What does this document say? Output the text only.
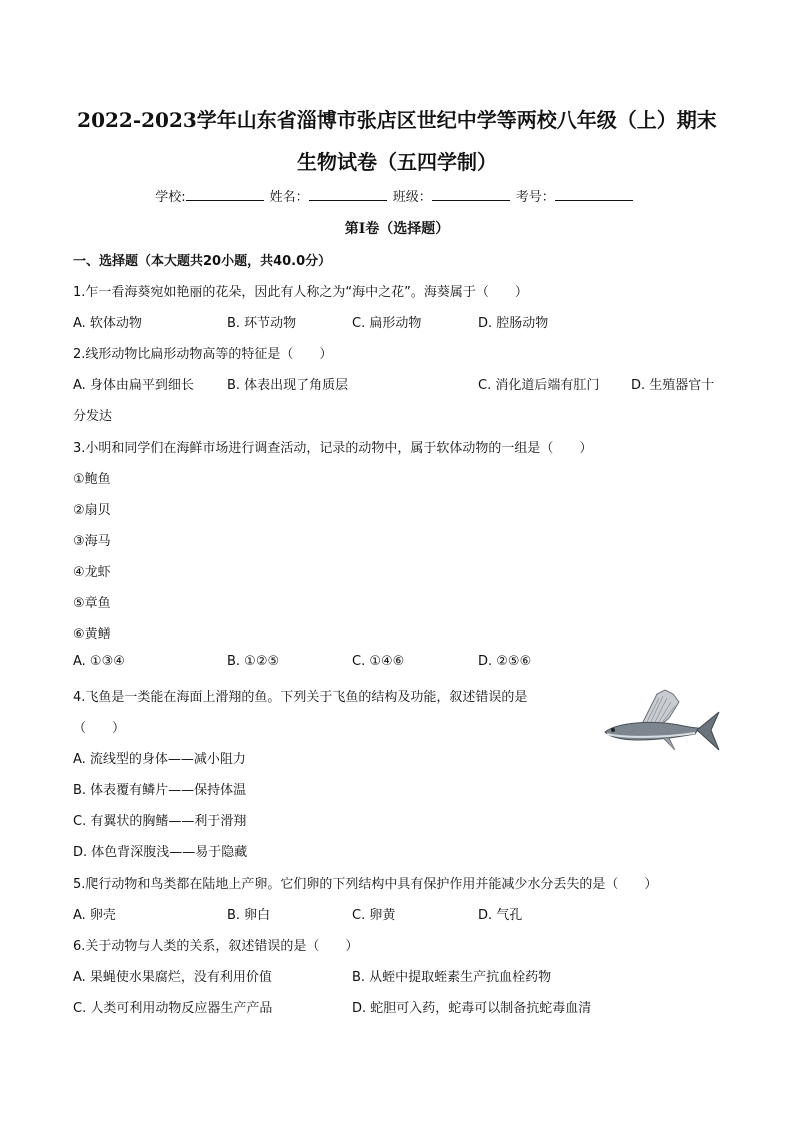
2022-2023学年山东省淄博市张店区世纪中学等两校八年级（上）期末
生物试卷（五四学制）
学校:	姓名：	班级：	考号：
第Ⅰ卷（选择题）
一、选择题（本大题共20小题，共40.0分）
1.乍一看海葵宛如艳丽的花朵，因此有人称之为“海中之花”。海葵属于（　　）
A. 软体动物	B. 环节动物	C. 扁形动物	D. 腔肠动物
2.线形动物比扁形动物高等的特征是（　　）
A. 身体由扁平到细长	B. 体表出现了角质层	C. 消化道后端有肛门 D. 生殖器官十
分发达
3.小明和同学们在海鲜市场进行调查活动，记录的动物中，属于软体动物的一组是（　　）
①鲍鱼
②扇贝
③海马
④龙虾
⑤章鱼
⑥黄鳝
A. ①③④	B. ①②⑤	C. ①④⑥	D. ②⑤⑥
4.飞鱼是一类能在海面上滑翔的鱼。下列关于飞鱼的结构及功能，叙述错误的是
（　　）
A. 流线型的身体——减小阻力
B. 体表覆有鳞片——保持体温
C. 有翼状的胸鳍——利于滑翔
D. 体色背深腹浅——易于隐藏
5.爬行动物和鸟类都在陆地上产卵。它们卵的下列结构中具有保护作用并能减少水分丢失的是（　　）
A. 卵壳	B. 卵白	C. 卵黄	D. 气孔
6.关于动物与人类的关系，叙述错误的是（　　）
A. 果蝇使水果腐烂，没有利用价值	B. 从蛭中提取蛭素生产抗血栓药物
C. 人类可利用动物反应器生产产品	D. 蛇胆可入药，蛇毒可以制备抗蛇毒血清
